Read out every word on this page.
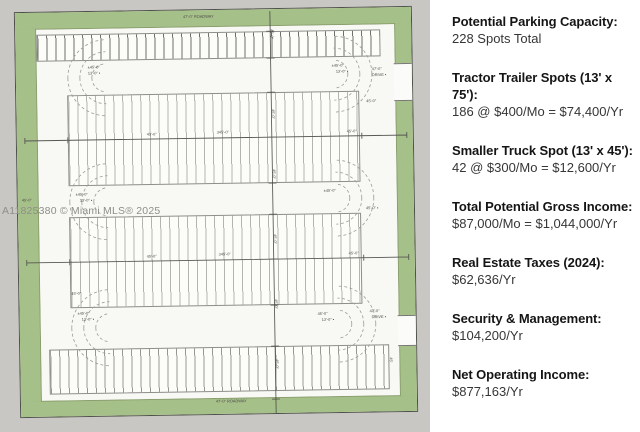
47'-0" ROADWAY
45'-0"
±45'-0"
13'-0" ▪
±45'-0"
13'-0" ▪
47'-0"
DRIVE ▪
45'-0"
45'-0"
45'-0"
345'-0"	45'-0"
45'-0"
±45'-0"
13'-0" ▪
±45'-0"
45'-0" ▪
45'-0"
45'-0"
45'-0"
345'-0"	45'-0"
45'-0"
45'-0"
±45'-0"
13'-0" ▪
45'-0"
13'-0" ▪
47'-0"
DRIVE ▪
45'-0"	45'
47'-0" ROADWAY
A11825380 © Miami MLS® 2025
Potential Parking Capacity:
228 Spots Total
Tractor Trailer Spots (13' x 75'):
186 @ $400/Mo = $74,400/Yr
Smaller Truck Spot (13' x 45'):
42 @ $300/Mo = $12,600/Yr
Total Potential Gross Income:
$87,000/Mo = $1,044,000/Yr
Real Estate Taxes (2024):
$62,636/Yr
Security & Management:
$104,200/Yr
Net Operating Income:
$877,163/Yr
